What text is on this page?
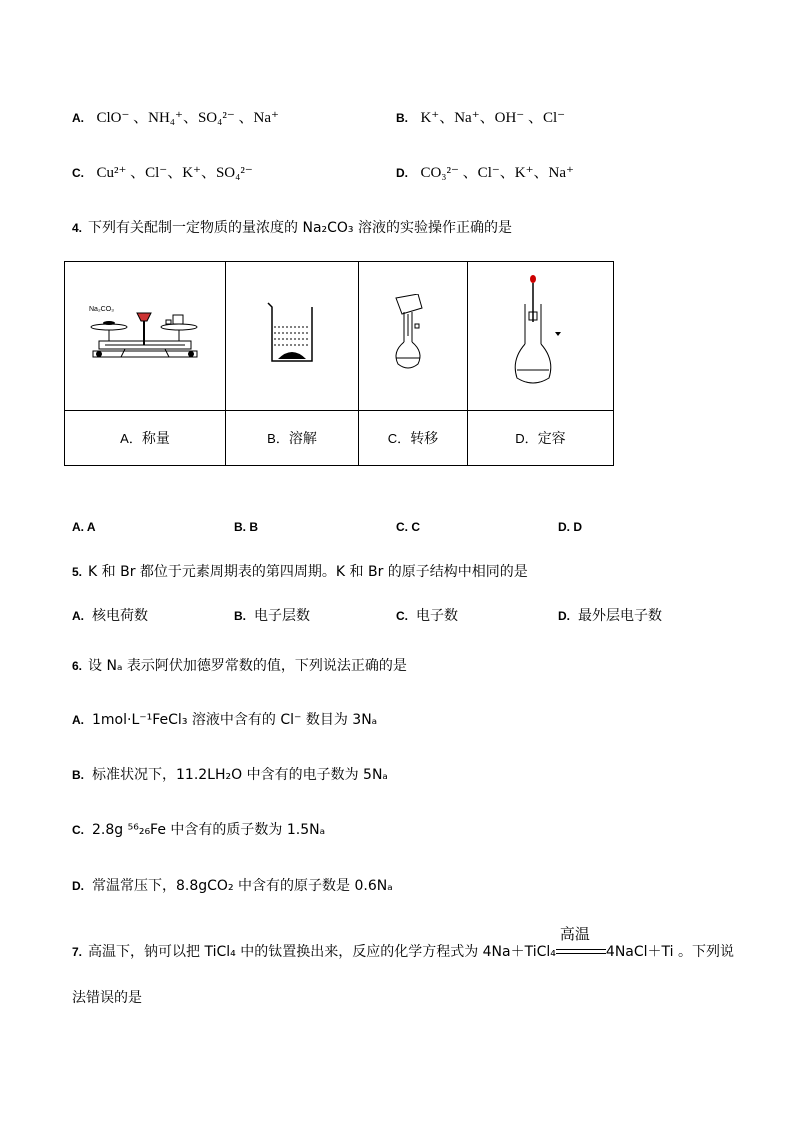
A. ClO⁻ 、NH₄⁺、SO₄²⁻ 、Na⁺	B. K⁺、Na⁺、OH⁻ 、Cl⁻
C. Cu²⁺ 、Cl⁻、K⁺、SO₄²⁻	D. CO₃²⁻ 、Cl⁻、K⁺、Na⁺
4. 下列有关配制一定物质的量浓度的 Na₂CO₃ 溶液的实验操作正确的是
Na₂CO₃

A．称量	B．溶解	C．转移	D．定容
A. A	B. B	C. C	D. D
5. K 和 Br 都位于元素周期表的第四周期。K 和 Br 的原子结构中相同的是
A. 核电荷数	B. 电子层数	C. 电子数	D. 最外层电子数
6. 设 Nₐ 表示阿伏加德罗常数的值，下列说法正确的是
A. 1mol·L⁻¹FeCl₃ 溶液中含有的 Cl⁻ 数目为 3Nₐ
B. 标准状况下，11.2LH₂O 中含有的电子数为 5Nₐ
C. 2.8g ⁵⁶₂₆Fe 中含有的质子数为 1.5Nₐ
D. 常温常压下，8.8gCO₂ 中含有的原子数是 0.6Nₐ
7. 高温下，钠可以把 TiCl₄ 中的钛置换出来，反应的化学方程式为 4Na＋TiCl₄
高温
4NaCl＋Ti 。下列说
法错误的是
